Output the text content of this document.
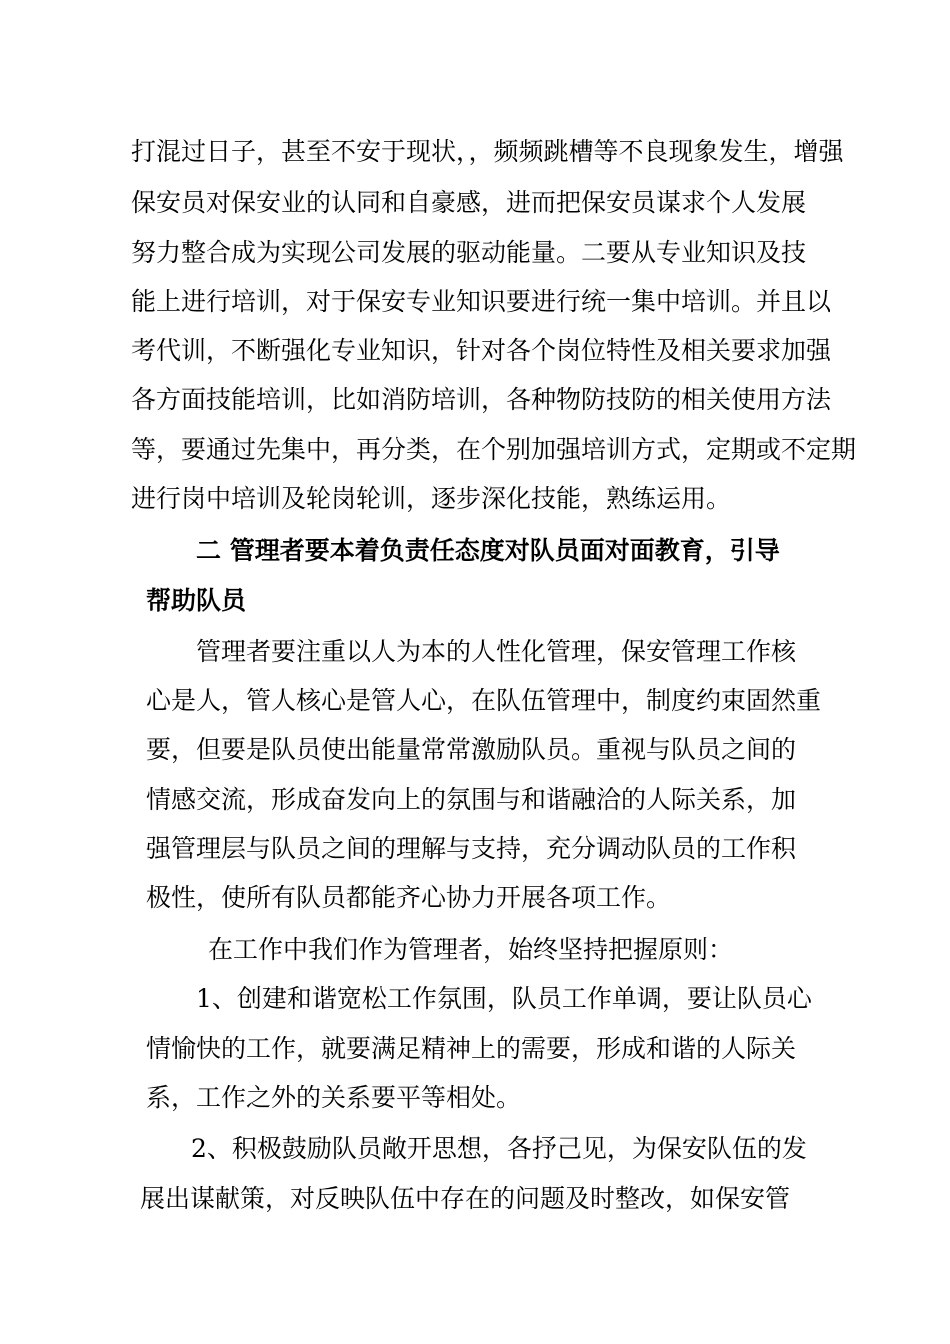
打混过日子，甚至不安于现状，，频频跳槽等不良现象发生，增强
保安员对保安业的认同和自豪感，进而把保安员谋求个人发展
努力整合成为实现公司发展的驱动能量。二要从专业知识及技
能上进行培训，对于保安专业知识要进行统一集中培训。并且以
考代训，不断强化专业知识，针对各个岗位特性及相关要求加强
各方面技能培训，比如消防培训，各种物防技防的相关使用方法
等，要通过先集中，再分类，在个别加强培训方式，定期或不定期
进行岗中培训及轮岗轮训，逐步深化技能，熟练运用。
二 管理者要本着负责任态度对队员面对面教育，引导
帮助队员
管理者要注重以人为本的人性化管理，保安管理工作核
心是人，管人核心是管人心，在队伍管理中，制度约束固然重
要，但要是队员使出能量常常激励队员。重视与队员之间的
情感交流，形成奋发向上的氛围与和谐融洽的人际关系，加
强管理层与队员之间的理解与支持，充分调动队员的工作积
极性，使所有队员都能齐心协力开展各项工作。
在工作中我们作为管理者，始终坚持把握原则：
1、创建和谐宽松工作氛围，队员工作单调，要让队员心
情愉快的工作，就要满足精神上的需要，形成和谐的人际关
系，工作之外的关系要平等相处。
2、积极鼓励队员敞开思想，各抒己见，为保安队伍的发
展出谋献策，对反映队伍中存在的问题及时整改，如保安管
